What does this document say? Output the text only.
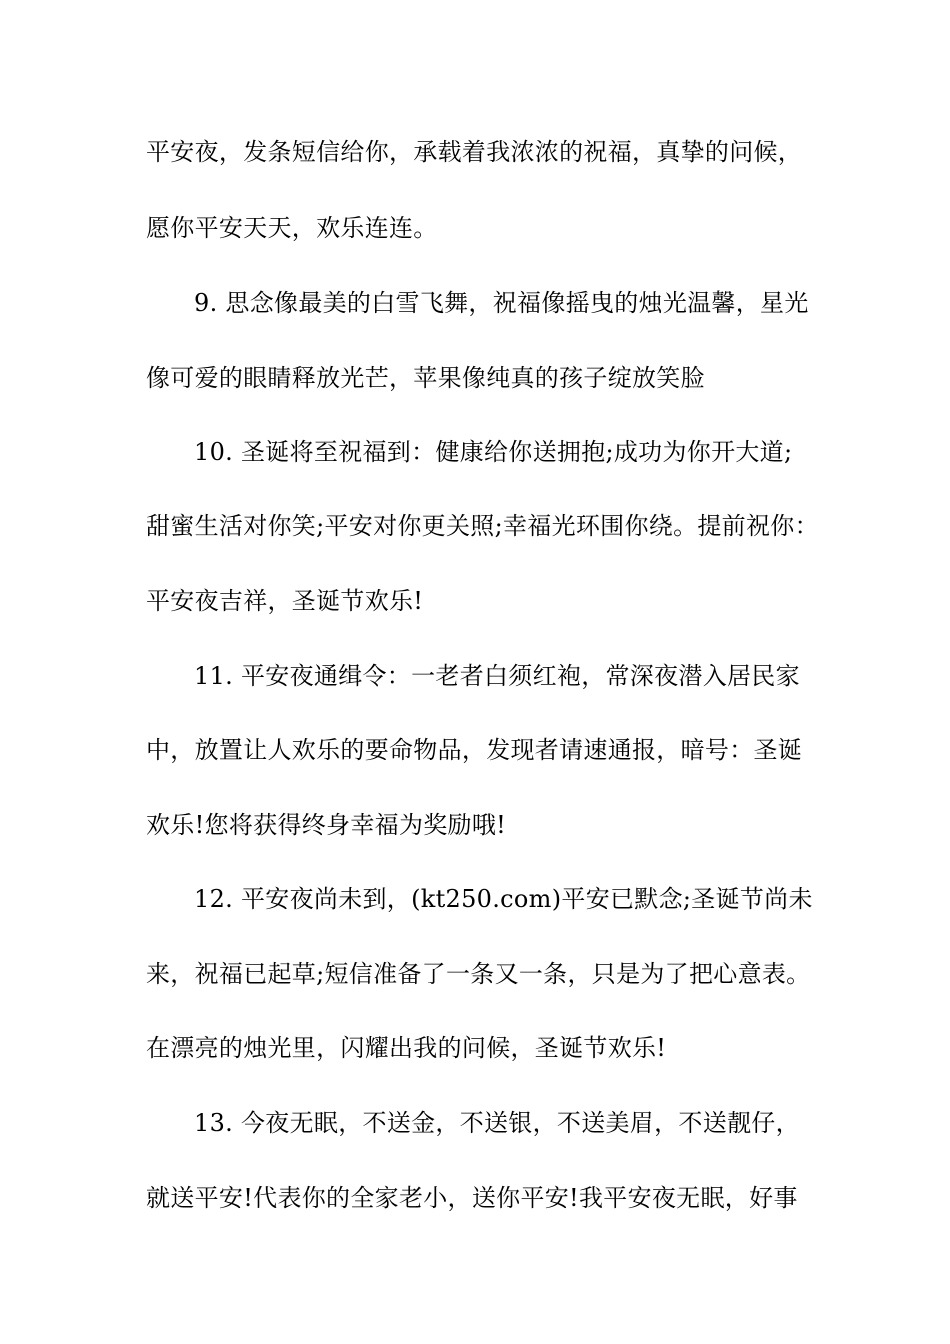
平安夜，发条短信给你，承载着我浓浓的祝福，真挚的问候，
愿你平安天天，欢乐连连。
9. 思念像最美的白雪飞舞，祝福像摇曳的烛光温馨，星光
像可爱的眼睛释放光芒，苹果像纯真的孩子绽放笑脸
10. 圣诞将至祝福到：健康给你送拥抱;成功为你开大道;
甜蜜生活对你笑;平安对你更关照;幸福光环围你绕。提前祝你：
平安夜吉祥，圣诞节欢乐!
11. 平安夜通缉令：一老者白须红袍，常深夜潜入居民家
中，放置让人欢乐的要命物品，发现者请速通报，暗号：圣诞
欢乐!您将获得终身幸福为奖励哦!
12. 平安夜尚未到，(kt250.com)平安已默念;圣诞节尚未
来，祝福已起草;短信准备了一条又一条，只是为了把心意表。
在漂亮的烛光里，闪耀出我的问候，圣诞节欢乐!
13. 今夜无眠，不送金，不送银，不送美眉，不送靓仔，
就送平安!代表你的全家老小，送你平安!我平安夜无眠，好事
